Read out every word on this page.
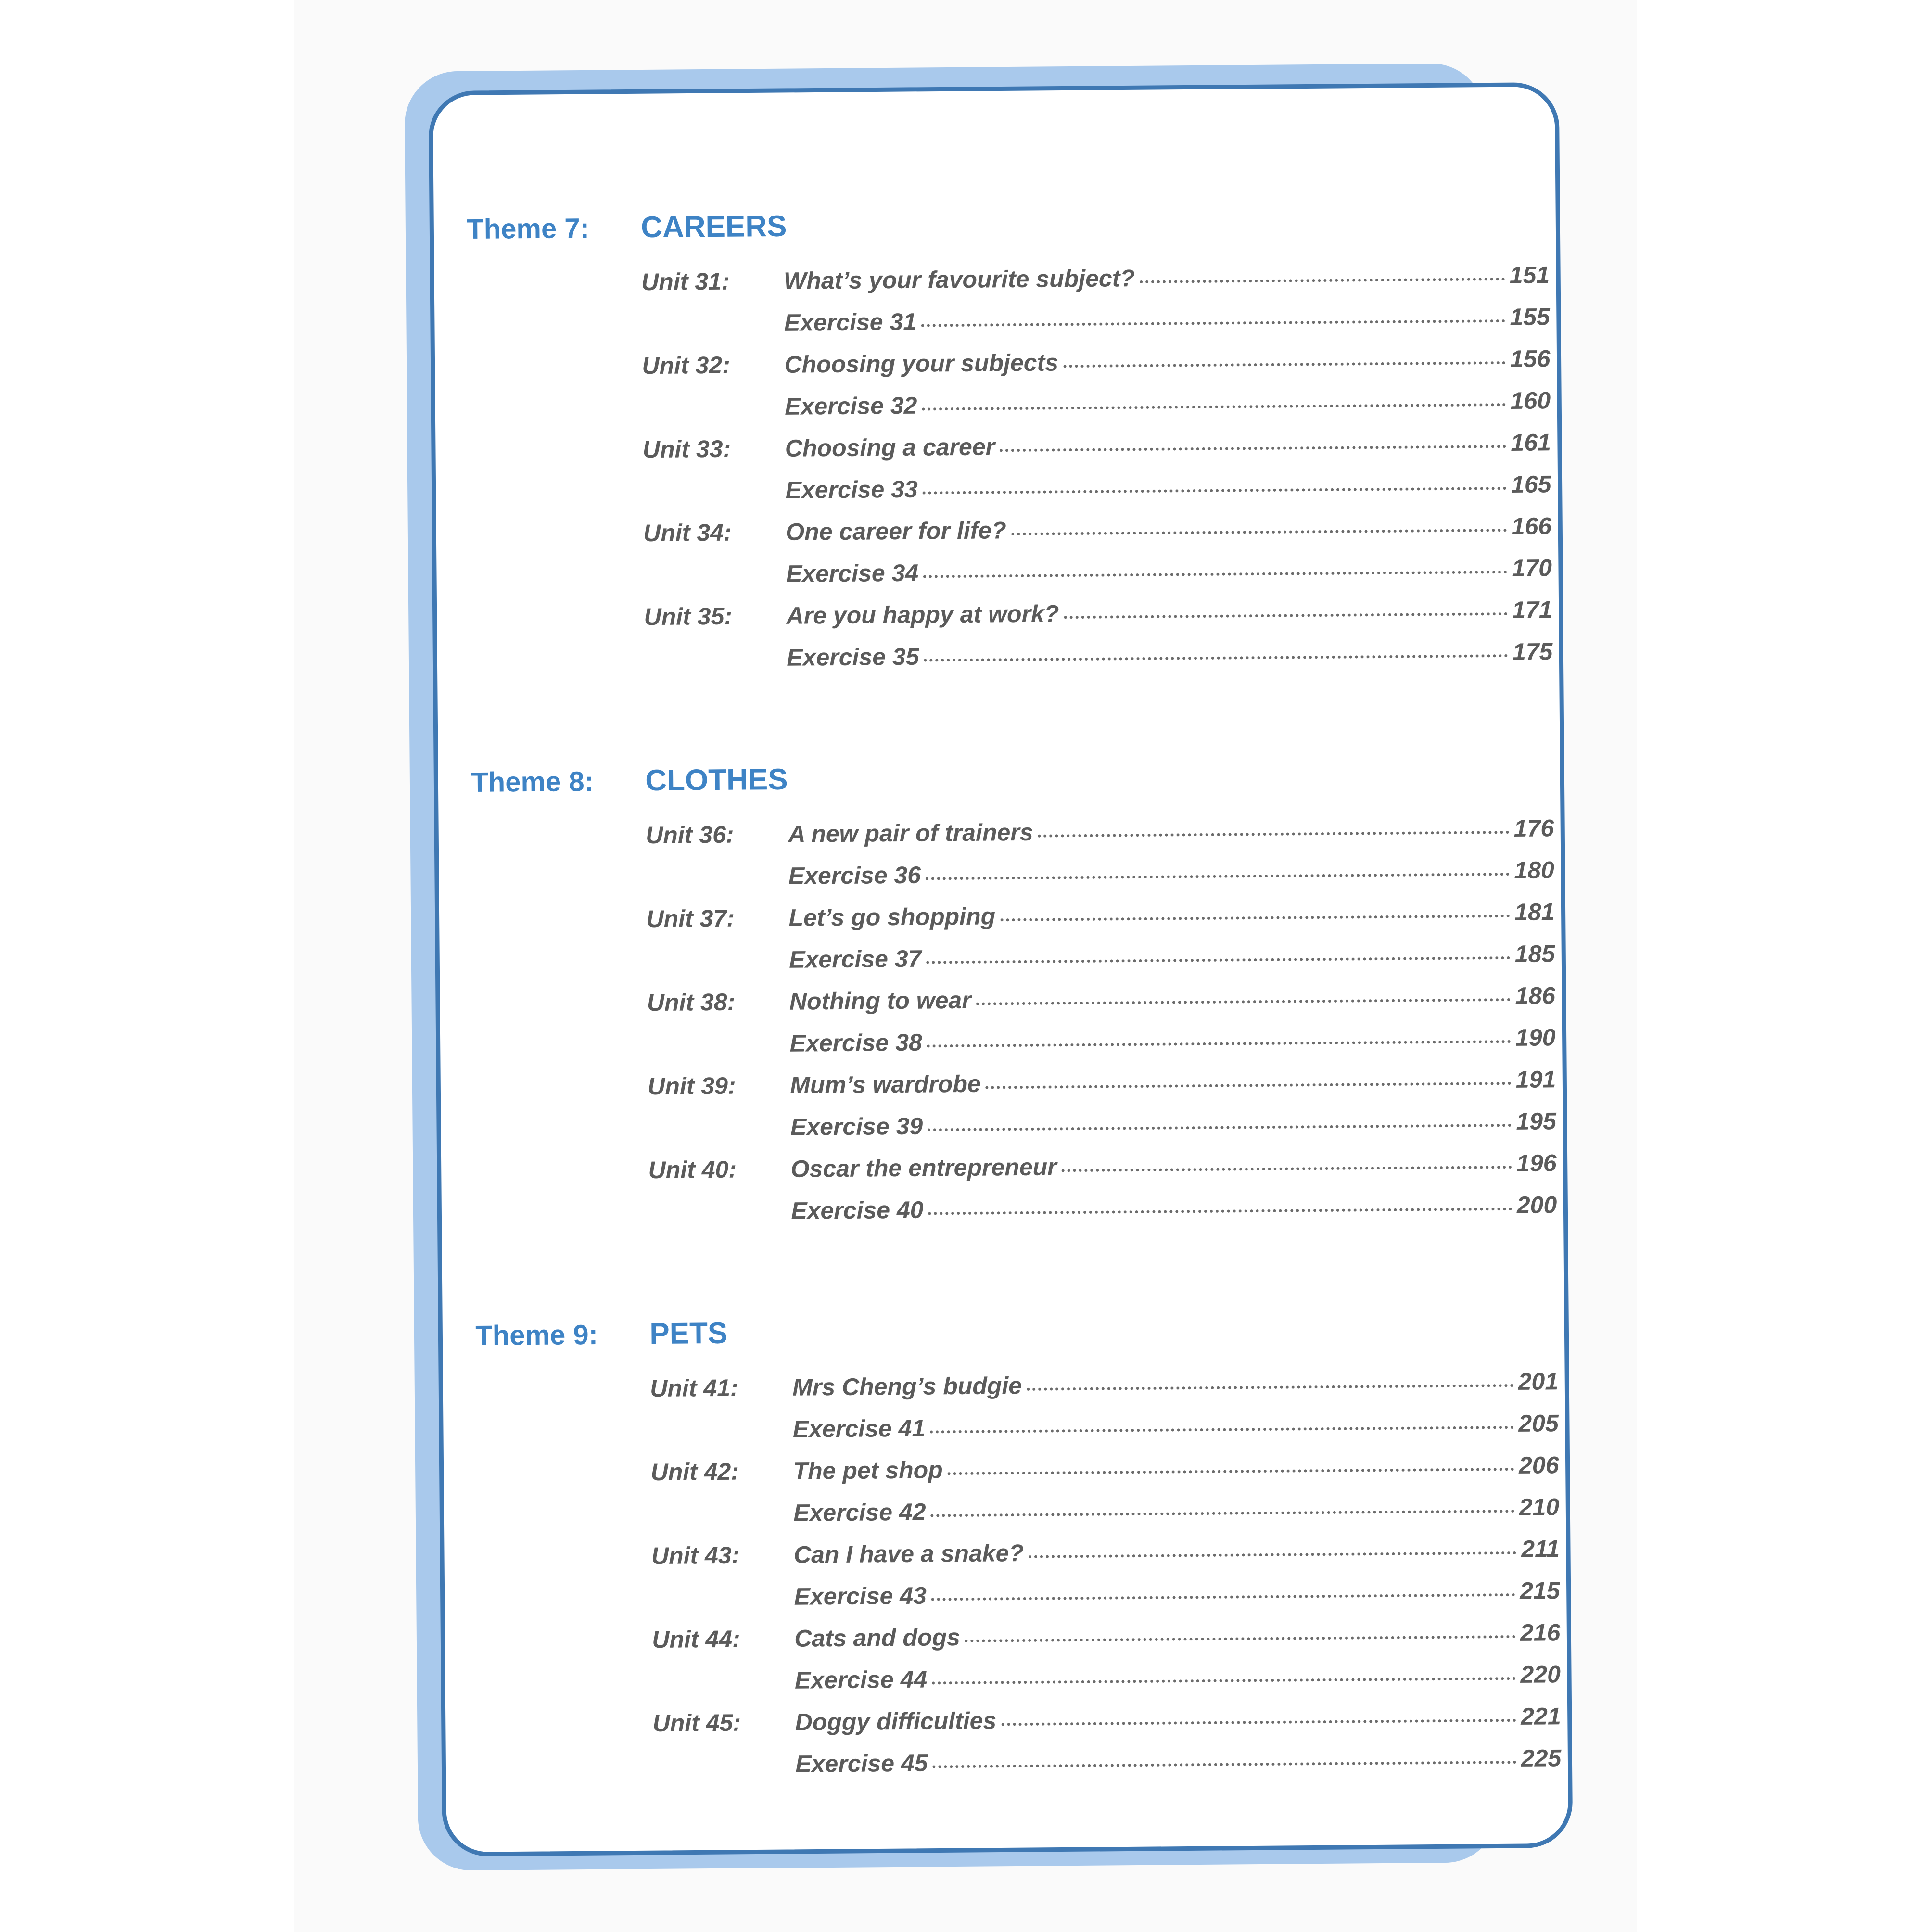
Theme 7:	CAREERS
Unit 31:	What’s your favourite subject?	151
Exercise 31	155
Unit 32:	Choosing your subjects	156
Exercise 32	160
Unit 33:	Choosing a career	161
Exercise 33	165
Unit 34:	One career for life?	166
Exercise 34	170
Unit 35:	Are you happy at work?	171
Exercise 35	175
Theme 8:	CLOTHES
Unit 36:	A new pair of trainers	176
Exercise 36	180
Unit 37:	Let’s go shopping	181
Exercise 37	185
Unit 38:	Nothing to wear	186
Exercise 38	190
Unit 39:	Mum’s wardrobe	191
Exercise 39	195
Unit 40:	Oscar the entrepreneur	196
Exercise 40	200
Theme 9:	PETS
Unit 41:	Mrs Cheng’s budgie	201
Exercise 41	205
Unit 42:	The pet shop	206
Exercise 42	210
Unit 43:	Can I have a snake?	211
Exercise 43	215
Unit 44:	Cats and dogs	216
Exercise 44	220
Unit 45:	Doggy difficulties	221
Exercise 45	225
